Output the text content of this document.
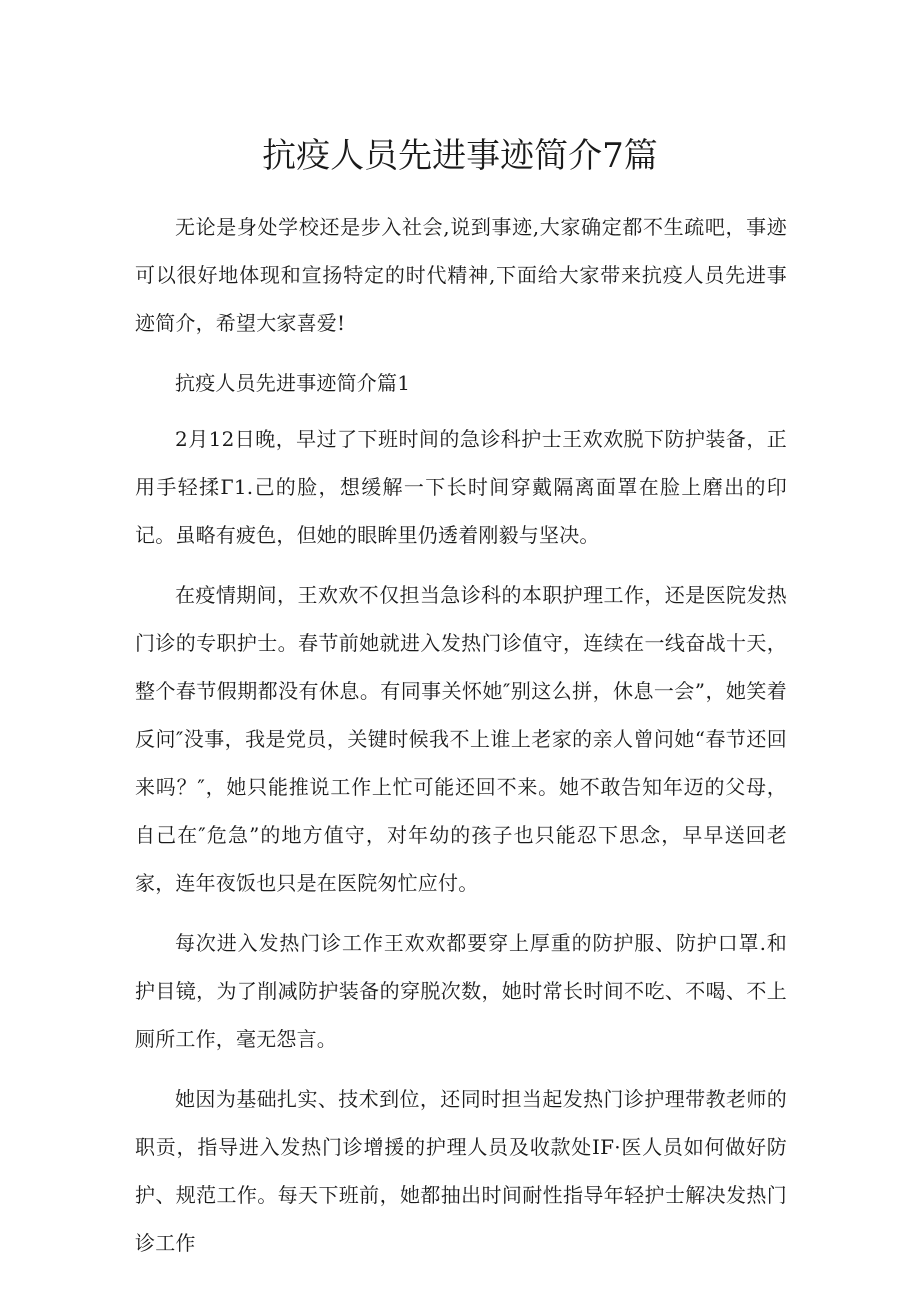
抗疫人员先进事迹简介7篇

无论是身处学校还是步入社会,说到事迹,大家确定都不生疏吧，事迹可以很好地体现和宣扬特定的时代精神,下面给大家带来抗疫人员先进事迹简介，希望大家喜爱!

抗疫人员先进事迹简介篇1

2月12日晚，早过了下班时间的急诊科护士王欢欢脱下防护装备，正用手轻揉Г1.己的脸，想缓解一下长时间穿戴隔离面罩在脸上磨出的印记。虽略有疲色，但她的眼眸里仍透着刚毅与坚决。

在疫情期间，王欢欢不仅担当急诊科的本职护理工作，还是医院发热门诊的专职护士。春节前她就进入发热门诊值守，连续在一线奋战十天，整个春节假期都没有休息。有同事关怀她″别这么拼，休息一会”，她笑着反问″没事，我是党员，关键时候我不上谁上老家的亲人曾问她“春节还回来吗？″，她只能推说工作上忙可能还回不来。她不敢告知年迈的父母，自己在″危急”的地方值守，对年幼的孩子也只能忍下思念，早早送回老家，连年夜饭也只是在医院匆忙应付。

每次进入发热门诊工作王欢欢都要穿上厚重的防护服、防护口罩.和护目镜，为了削减防护装备的穿脱次数，她时常长时间不吃、不喝、不上厕所工作，毫无怨言。

她因为基础扎实、技术到位，还同时担当起发热门诊护理带教老师的职贡，指导进入发热门诊增援的护理人员及收款处IF·医人员如何做好防护、规范工作。每天下班前，她都抽出时间耐性指导年轻护士解决发热门诊工作
